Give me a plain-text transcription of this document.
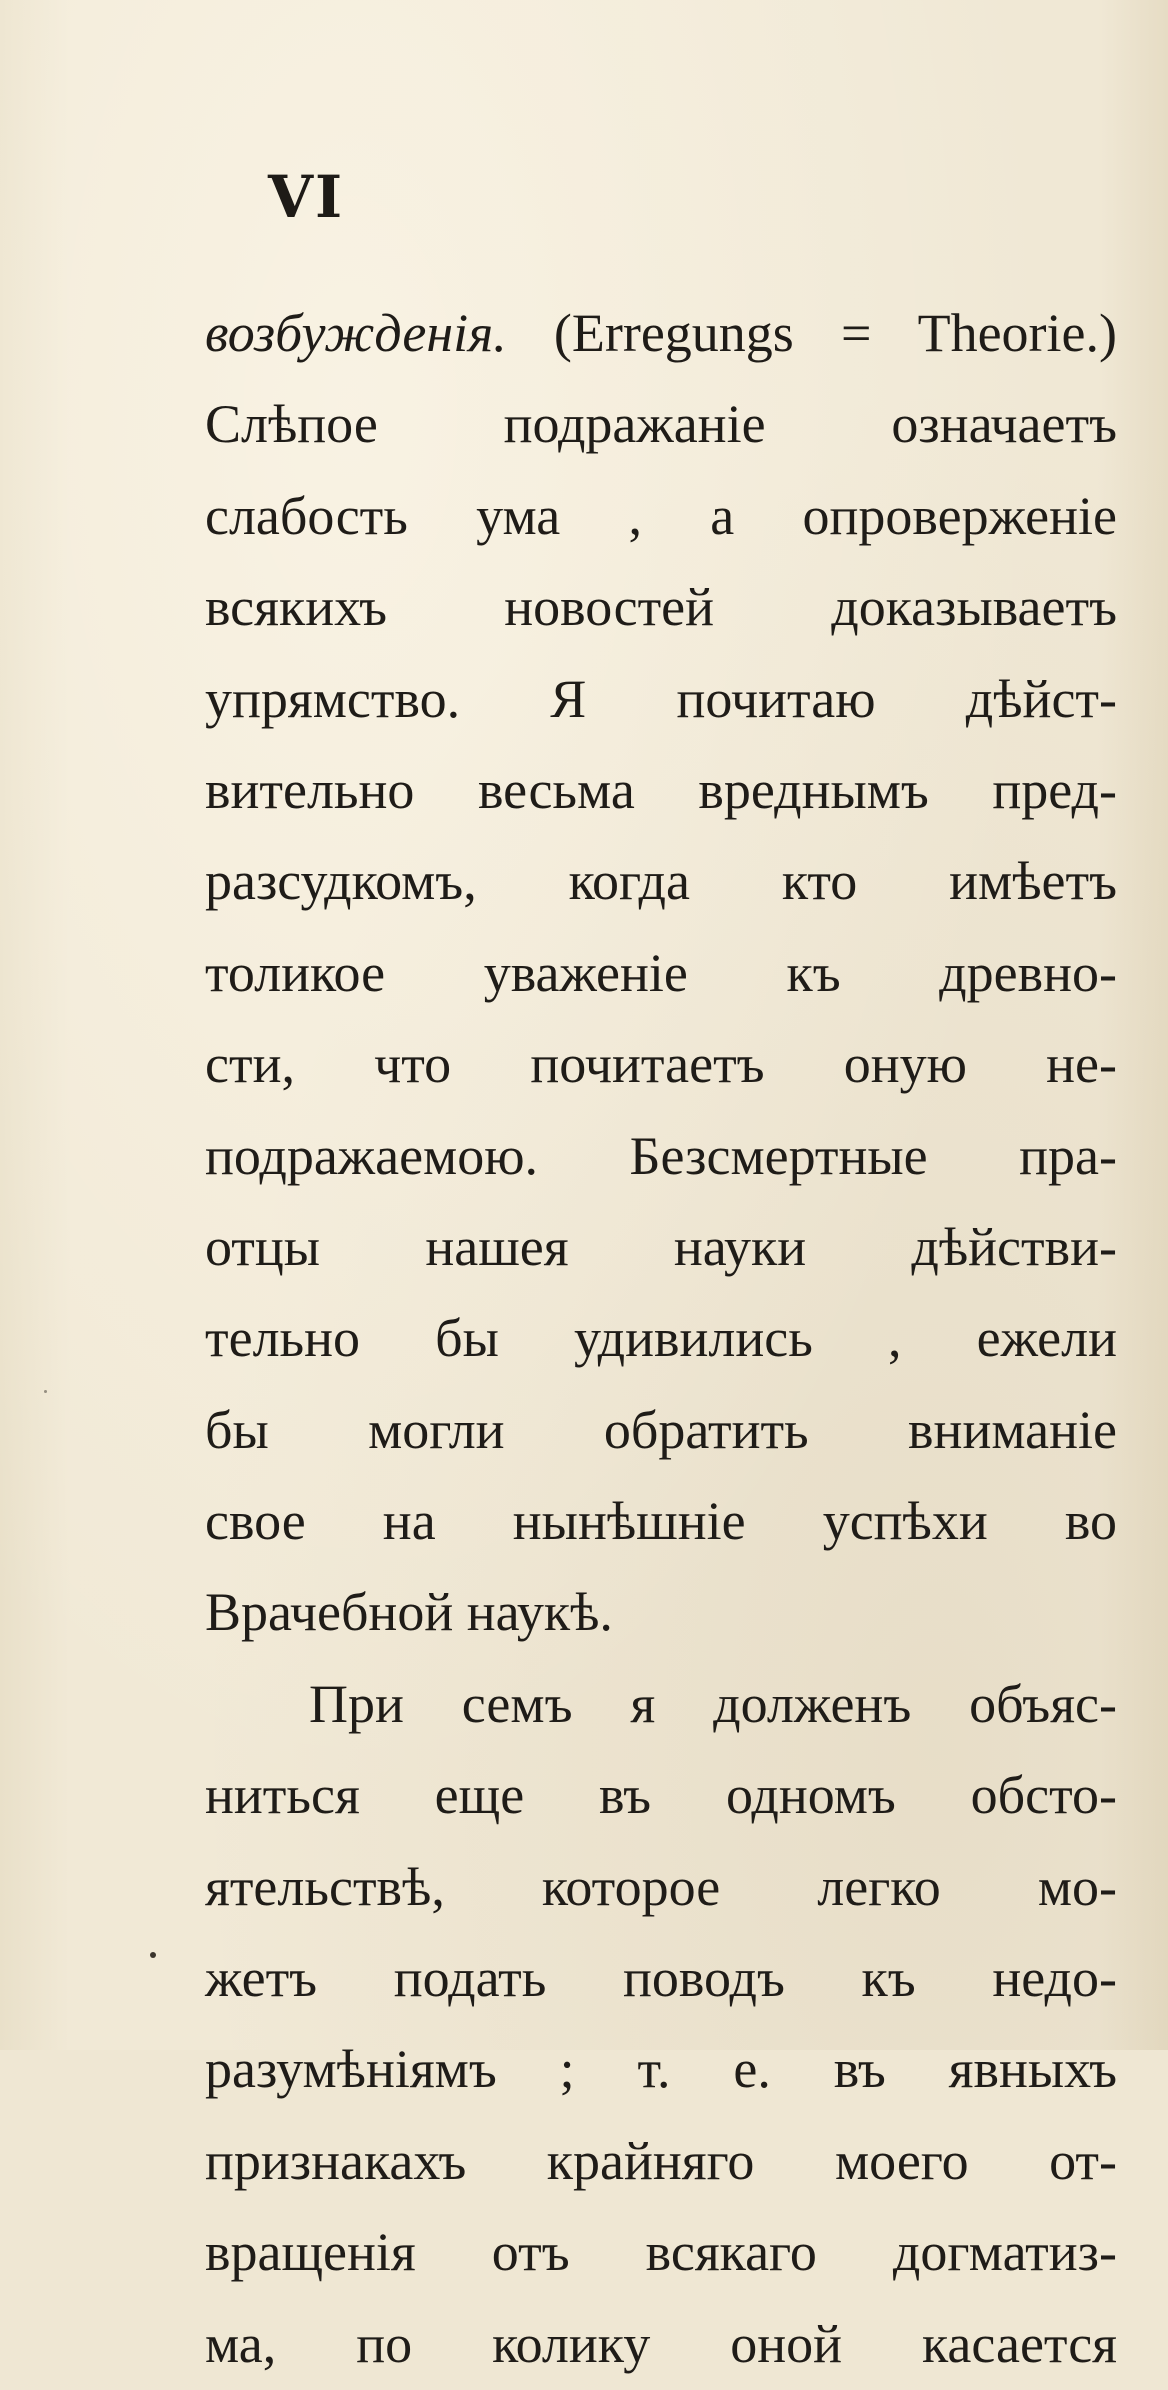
VI
возбужденія. (Erregungs = Theorie.)
Слѣпое подражаніе означаетъ
слабость ума , а опроверженіе
всякихъ новостей доказываетъ
упрямство. Я почитаю дѣйст-
вительно весьма вреднымъ пред-
разсудкомъ, когда кто имѣетъ
толикое уваженіе къ древно-
сти, что почитаетъ оную не-
подражаемою. Безсмертные пра-
отцы нашея науки дѣйстви-
тельно бы удивились , ежели
бы могли обратить вниманіе
свое на нынѣшніе успѣхи во
Врачебной наукѣ.
При семъ я долженъ объяс-
ниться еще въ одномъ обсто-
ятельствѣ, которое легко мо-
жетъ подать поводъ къ недо-
разумѣніямъ ; т. е. въ явныхъ
признакахъ крайняго моего от-
вращенія отъ всякаго догматиз-
ма, по колику оной касается
